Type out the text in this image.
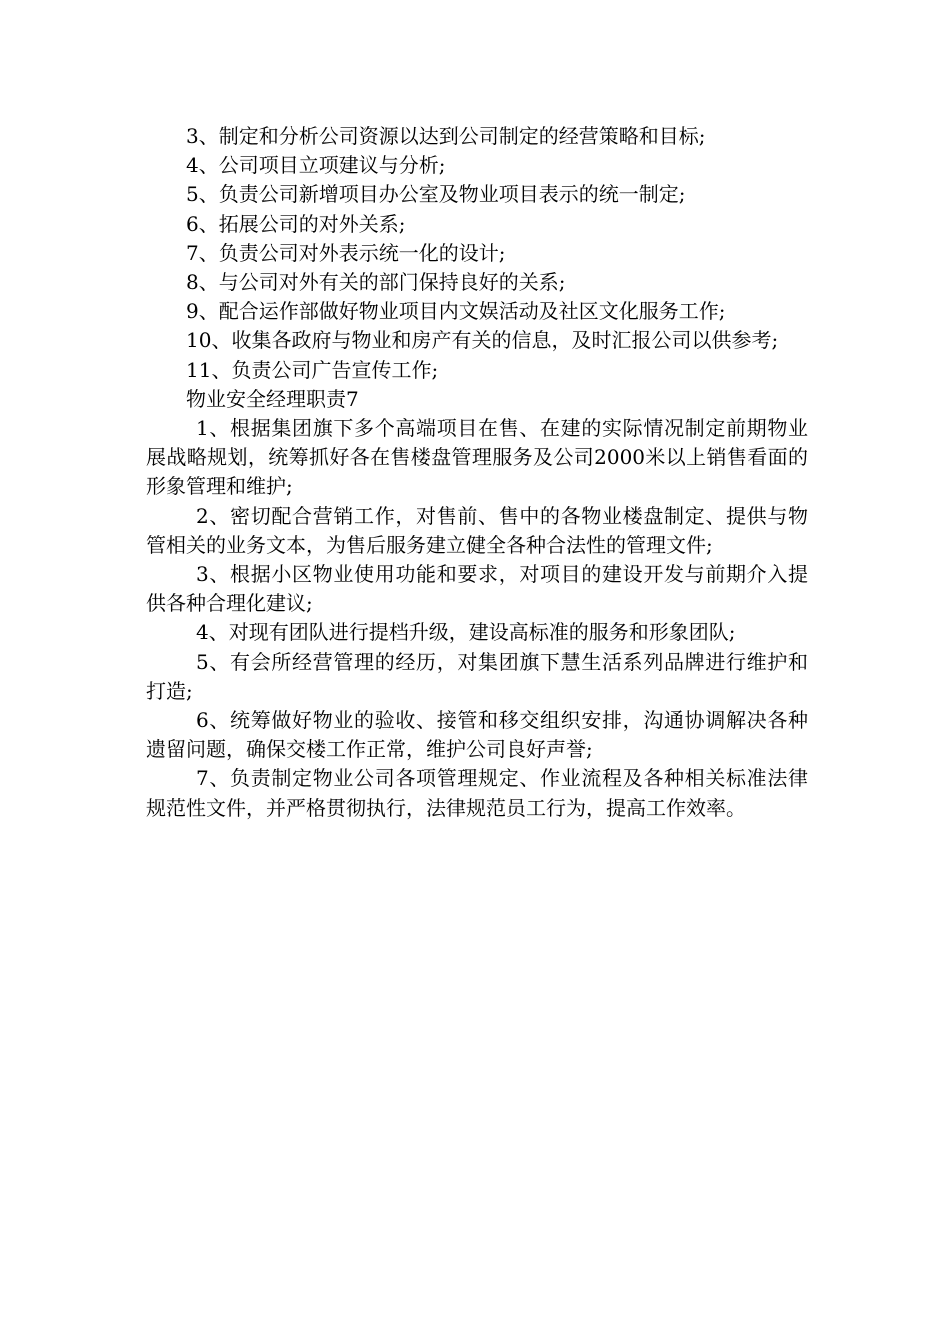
3、制定和分析公司资源以达到公司制定的经营策略和目标;

4、公司项目立项建议与分析;

5、负责公司新增项目办公室及物业项目表示的统一制定;

6、拓展公司的对外关系;

7、负责公司对外表示统一化的设计;

8、与公司对外有关的部门保持良好的关系;

9、配合运作部做好物业项目内文娱活动及社区文化服务工作;

10、收集各政府与物业和房产有关的信息，及时汇报公司以供参考;

11、负责公司广告宣传工作;

物业安全经理职责7

1、根据集团旗下多个高端项目在售、在建的实际情况制定前期物业展战略规划，统筹抓好各在售楼盘管理服务及公司2000米以上销售看面的形象管理和维护;

2、密切配合营销工作，对售前、售中的各物业楼盘制定、提供与物管相关的业务文本，为售后服务建立健全各种合法性的管理文件;

3、根据小区物业使用功能和要求，对项目的建设开发与前期介入提供各种合理化建议;

4、对现有团队进行提档升级，建设高标准的服务和形象团队;

5、有会所经营管理的经历，对集团旗下慧生活系列品牌进行维护和打造;

6、统筹做好物业的验收、接管和移交组织安排，沟通协调解决各种遗留问题，确保交楼工作正常，维护公司良好声誉;

7、负责制定物业公司各项管理规定、作业流程及各种相关标准法律规范性文件，并严格贯彻执行，法律规范员工行为，提高工作效率。
